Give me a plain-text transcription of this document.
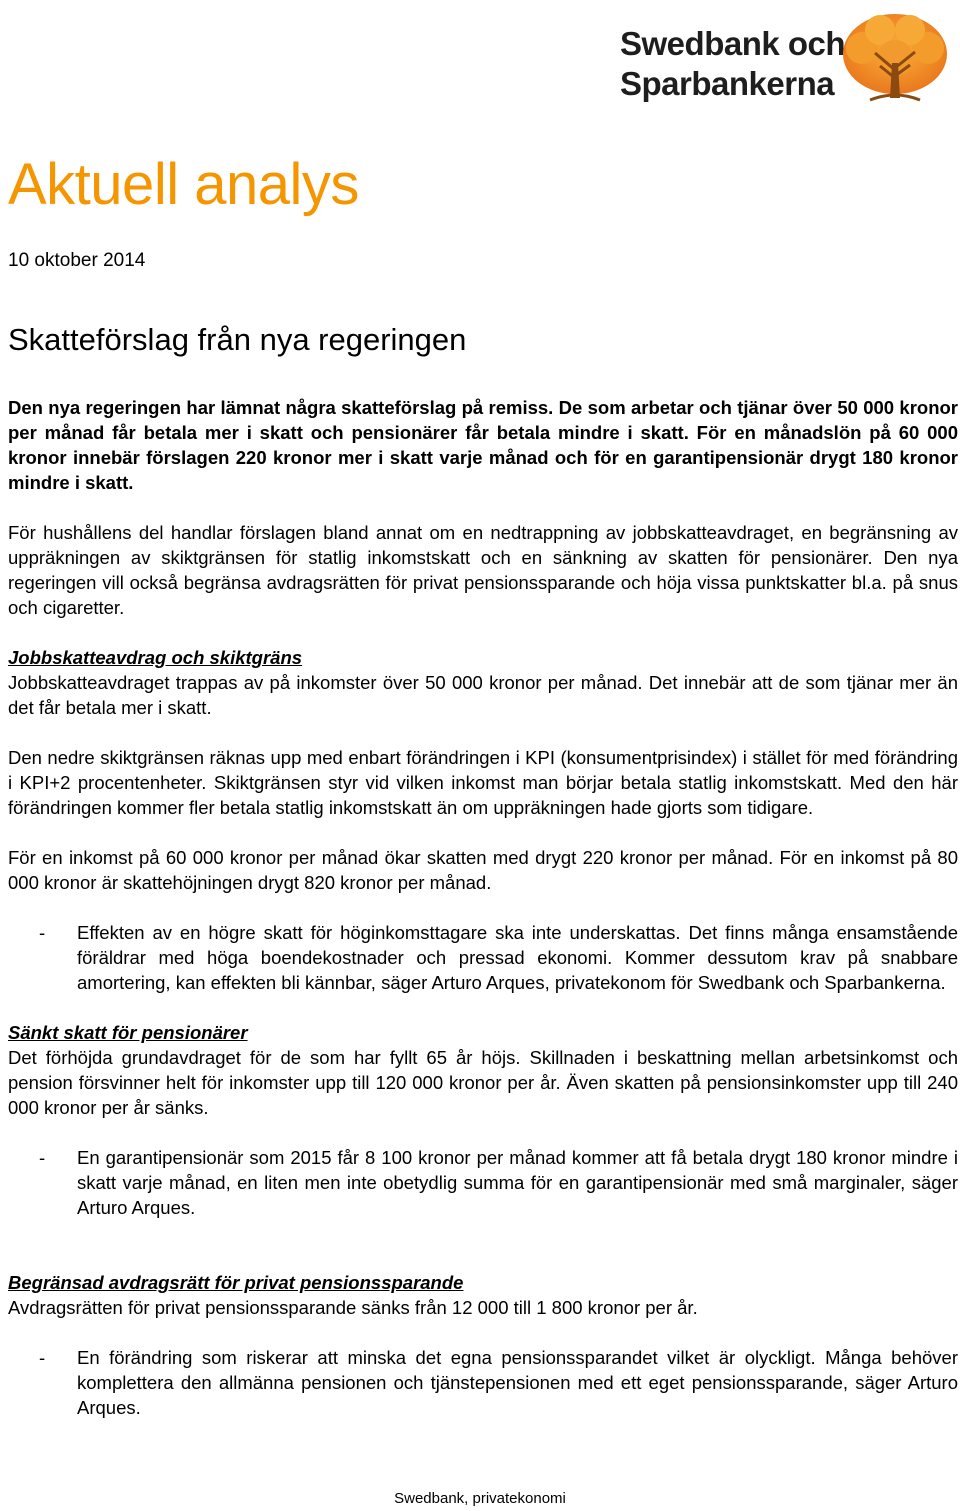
Swedbank och
Sparbankerna
Aktuell analys
10 oktober 2014
Skatteförslag från nya regeringen

Den nya regeringen har lämnat några skatteförslag på remiss. De som arbetar och tjänar över 50 000 kronor per månad får betala mer i skatt och pensionärer får betala mindre i skatt. För en månadslön på 60 000 kronor innebär förslagen 220 kronor mer i skatt varje månad och för en garantipensionär drygt 180 kronor mindre i skatt.

För hushållens del handlar förslagen bland annat om en nedtrappning av jobbskatteavdraget, en begränsning av uppräkningen av skiktgränsen för statlig inkomstskatt och en sänkning av skatten för pensionärer. Den nya regeringen vill också begränsa avdragsrätten för privat pensionssparande och höja vissa punktskatter bl.a. på snus och cigaretter.

Jobbskatteavdrag och skiktgräns

Jobbskatteavdraget trappas av på inkomster över 50 000 kronor per månad. Det innebär att de som tjänar mer än det får betala mer i skatt.

Den nedre skiktgränsen räknas upp med enbart förändringen i KPI (konsumentprisindex) i stället för med förändring i KPI+2 procentenheter. Skiktgränsen styr vid vilken inkomst man börjar betala statlig inkomstskatt. Med den här förändringen kommer fler betala statlig inkomstskatt än om uppräkningen hade gjorts som tidigare.

För en inkomst på 60 000 kronor per månad ökar skatten med drygt 220 kronor per månad. För en inkomst på 80 000 kronor är skattehöjningen drygt 820 kronor per månad.

- Effekten av en högre skatt för höginkomsttagare ska inte underskattas. Det finns många ensamstående föräldrar med höga boendekostnader och pressad ekonomi. Kommer dessutom krav på snabbare amortering, kan effekten bli kännbar, säger Arturo Arques, privatekonom för Swedbank och Sparbankerna.

Sänkt skatt för pensionärer

Det förhöjda grundavdraget för de som har fyllt 65 år höjs. Skillnaden i beskattning mellan arbetsinkomst och pension försvinner helt för inkomster upp till 120 000 kronor per år. Även skatten på pensionsinkomster upp till 240 000 kronor per år sänks.

- En garantipensionär som 2015 får 8 100 kronor per månad kommer att få betala drygt 180 kronor mindre i skatt varje månad, en liten men inte obetydlig summa för en garantipensionär med små marginaler, säger Arturo Arques.

Begränsad avdragsrätt för privat pensionssparande

Avdragsrätten för privat pensionssparande sänks från 12 000 till 1 800 kronor per år.

- En förändring som riskerar att minska det egna pensionssparandet vilket är olyckligt. Många behöver komplettera den allmänna pensionen och tjänstepensionen med ett eget pensionssparande, säger Arturo Arques.
Swedbank, privatekonomi
